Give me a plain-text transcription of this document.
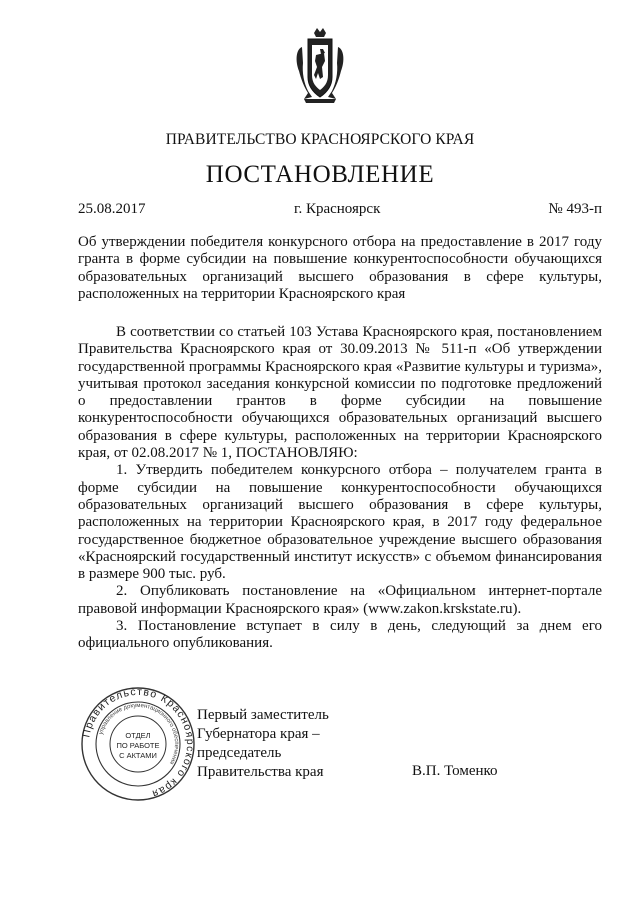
ПРАВИТЕЛЬСТВО КРАСНОЯРСКОГО КРАЯ
ПОСТАНОВЛЕНИЕ
25.08.2017	г. Красноярск	№ 493-п
Об утверждении победителя конкурсного отбора на предоставление в 2017 году гранта в форме субсидии на повышение конкурентоспособности обучающихся образовательных организаций высшего образования в сфере культуры, расположенных на территории Красноярского края

В соответствии со статьей 103 Устава Красноярского края, постановлением Правительства Красноярского края от 30.09.2013 № 511-п «Об утверждении государственной программы Красноярского края «Развитие культуры и туризма», учитывая протокол заседания конкурсной комиссии по подготовке предложений о предоставлении грантов в форме субсидии на повышение конкурентоспособности обучающихся образовательных организаций высшего образования в сфере культуры, расположенных на территории Красноярского края, от 02.08.2017 № 1, ПОСТАНОВЛЯЮ:

1. Утвердить победителем конкурсного отбора – получателем гранта в форме субсидии на повышение конкурентоспособности обучающихся образовательных организаций высшего образования в сфере культуры, расположенных на территории Красноярского края, в 2017 году федеральное государственное бюджетное образовательное учреждение высшего образования «Красноярский государственный институт искусств» с объемом финансирования в размере 900 тыс. руб.

2. Опубликовать постановление на «Официальном интернет-портале правовой информации Красноярского края» (www.zakon.krskstate.ru).

3. Постановление вступает в силу в день, следующий за днем его официального опубликования.

Правительство Красноярского края
управление документационного обеспечения
ОТДЕЛ
ПО РАБОТЕ
С АКТАМИ
Первый заместитель
Губернатора края –
председатель
Правительства края	В.П. Томенко
